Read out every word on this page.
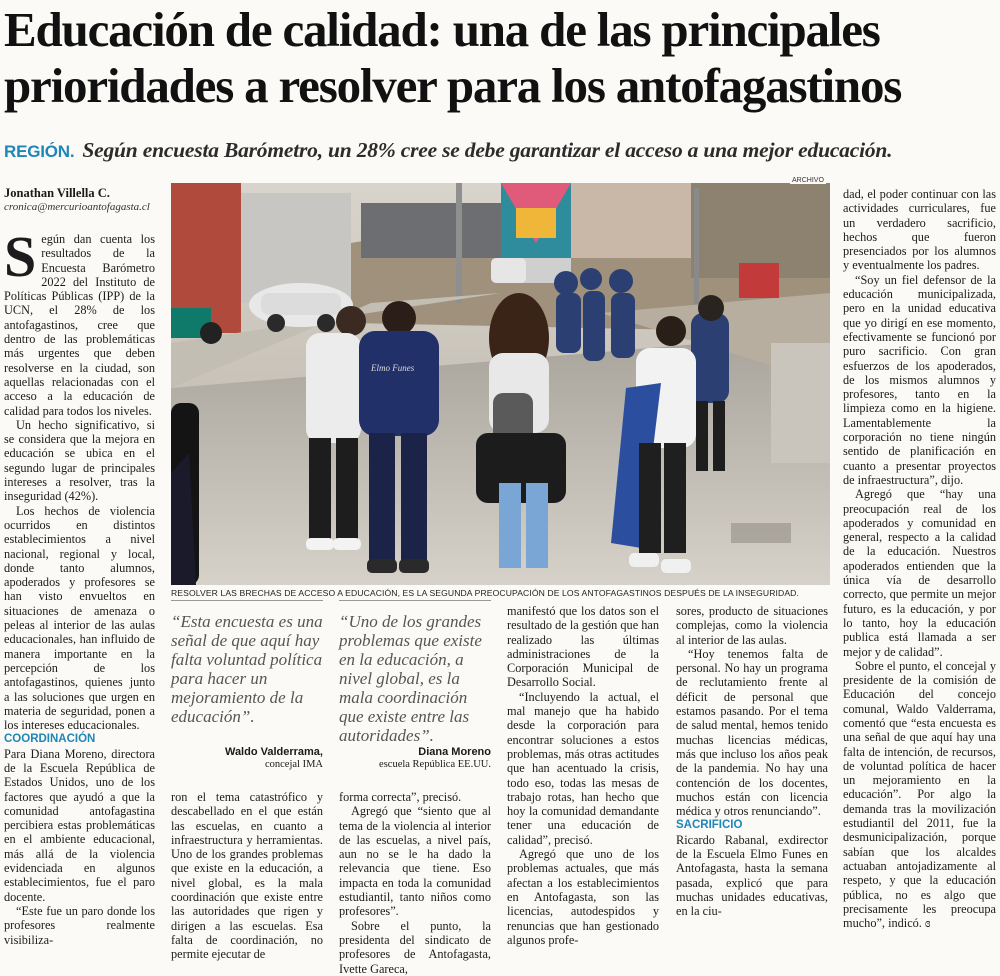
Educación de calidad: una de las principales
prioridades a resolver para los antofagastinos
REGIÓN. Según encuesta Barómetro, un 28% cree se debe garantizar el acceso a una mejor educación.
Jonathan Villella C.
cronica@mercurioantofagasta.cl

Según dan cuenta los resultados de la Encuesta Barómetro 2022 del Instituto de Políticas Públicas (IPP) de la UCN, el 28% de los antofagastinos, cree que dentro de las problemáticas más urgentes que deben resolverse en la ciudad, son aquellas relacionadas con el acceso a la educación de calidad para todos los niveles.

Un hecho significativo, si se considera que la mejora en educación se ubica en el segundo lugar de principales intereses a resolver, tras la inseguridad (42%).

Los hechos de violencia ocurridos en distintos establecimientos a nivel nacional, regional y local, donde tanto alumnos, apoderados y profesores se han visto envueltos en situaciones de amenaza o peleas al interior de las aulas educacionales, han influido de manera importante en la percepción de los antofagastinos, quienes junto a las soluciones que urgen en materia de seguridad, ponen a los intereses educacionales.

COORDINACIÓN

Para Diana Moreno, directora de la Escuela República de Estados Unidos, uno de los factores que ayudó a que la comunidad antofagastina percibiera estas problemáticas en el ambiente educacional, más allá de la violencia evidenciada en algunos establecimientos, fue el paro docente.

“Este fue un paro donde los profesores realmente visibiliza-

Elmo Funes
ARCHIVO
RESOLVER LAS BRECHAS DE ACCESO A EDUCACIÓN, ES LA SEGUNDA PREOCUPACIÓN DE LOS ANTOFAGASTINOS DESPUÉS DE LA INSEGURIDAD.
“Esta encuesta es una señal de que aquí hay falta voluntad política para hacer un mejoramiento de la educación”.
Waldo Valderrama,
concejal IMA
“Uno de los grandes problemas que existe en la educación, a nivel global, es la mala coordinación que existe entre las autoridades”.
Diana Moreno
escuela República EE.UU.

ron el tema catastrófico y descabellado en el que están las escuelas, en cuanto a infraestructura y herramientas. Uno de los grandes problemas que existe en la educación, a nivel global, es la mala coordinación que existe entre las autoridades que rigen y dirigen a las escuelas. Esa falta de coordinación, no permite ejecutar de

forma correcta”, precisó.

Agregó que “siento que al tema de la violencia al interior de las escuelas, a nivel país, aun no se le ha dado la relevancia que tiene. Eso impacta en toda la comunidad estudiantil, tanto niños como profesores”.

Sobre el punto, la presidenta del sindicato de profesores de Antofagasta, Ivette Gareca,

manifestó que los datos son el resultado de la gestión que han realizado las últimas administraciones de la Corporación Municipal de Desarrollo Social.

“Incluyendo la actual, el mal manejo que ha habido desde la corporación para encontrar soluciones a estos problemas, más otras actitudes que han acentuado la crisis, todo eso, todas las mesas de trabajo rotas, han hecho que hoy la comunidad demandante tener una educación de calidad”, precisó.

Agregó que uno de los problemas actuales, que más afectan a los establecimientos en Antofagasta, son las licencias, autodespidos y renuncias que han gestionado algunos profe-

sores, producto de situaciones complejas, como la violencia al interior de las aulas.

“Hoy tenemos falta de personal. No hay un programa de reclutamiento frente al déficit de personal que estamos pasando. Por el tema de salud mental, hemos tenido muchas licencias médicas, más que incluso los años peak de la pandemia. No hay una contención de los docentes, muchos están con licencia médica y otros renunciando”.

SACRIFICIO

Ricardo Rabanal, exdirector de la Escuela Elmo Funes en Antofagasta, hasta la semana pasada, explicó que para muchas unidades educativas, en la ciu-

dad, el poder continuar con las actividades curriculares, fue un verdadero sacrificio, hechos que fueron presenciados por los alumnos y eventualmente los padres.

“Soy un fiel defensor de la educación municipalizada, pero en la unidad educativa que yo dirigí en ese momento, efectivamente se funcionó por puro sacrificio. Con gran esfuerzos de los apoderados, de los mismos alumnos y profesores, tanto en la limpieza como en la higiene. Lamentablemente la corporación no tiene ningún sentido de planificación en cuanto a presentar proyectos de infraestructura”, dijo.

Agregó que “hay una preocupación real de los apoderados y comunidad en general, respecto a la calidad de la educación. Nuestros apoderados entienden que la única vía de desarrollo correcto, que permite un mejor futuro, es la educación, y por lo tanto, hoy la educación publica está llamada a ser mejor y de calidad”.

Sobre el punto, el concejal y presidente de la comisión de Educación del concejo comunal, Waldo Valderrama, comentó que “esta encuesta es una señal de que aquí hay una falta de intención, de recursos, de voluntad política de hacer un mejoramiento en la educación”. Por algo la demanda tras la movilización estudiantil del 2011, fue la desmunicipalización, porque sabían que los alcaldes actuaban antojadizamente al respeto, y que la educación pública, no es algo que precisamente les preocupa mucho”, indicó. ɞ
